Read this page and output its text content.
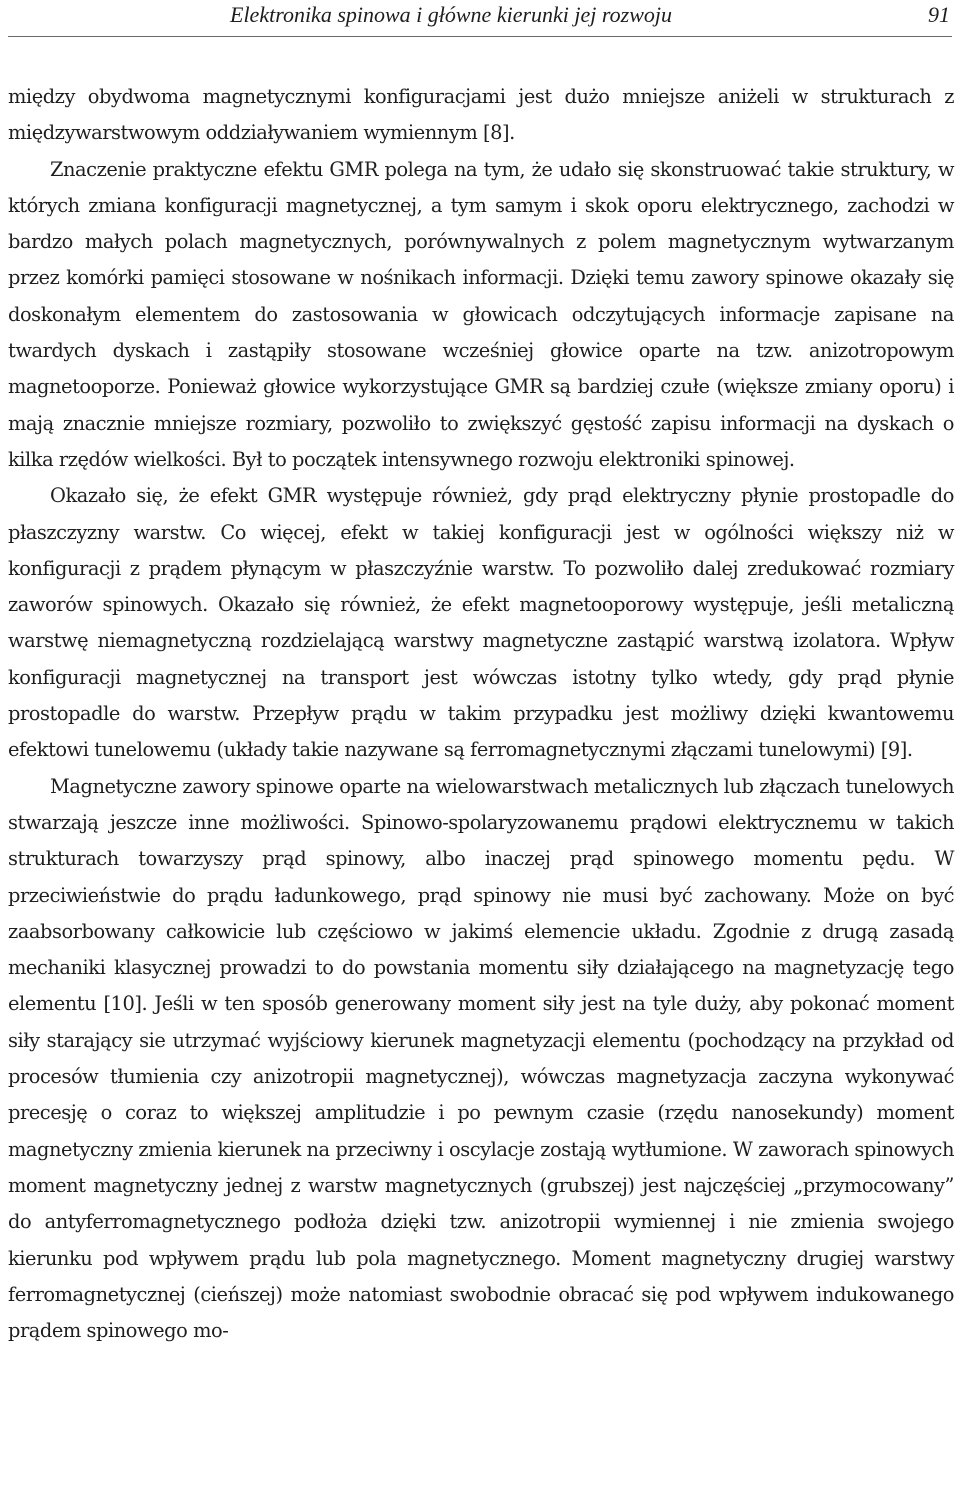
Elektronika spinowa i główne kierunki jej rozwoju	91

między obydwoma magnetycznymi konfiguracjami jest dużo mniejsze aniżeli w strukturach z międzywarstwowym oddziaływaniem wymiennym [8].

Znaczenie praktyczne efektu GMR polega na tym, że udało się skonstruować takie struktury, w których zmiana konfiguracji magnetycznej, a tym samym i skok oporu elektrycznego, zachodzi w bardzo małych polach magnetycznych, porównywalnych z polem magnetycznym wytwarzanym przez komórki pamięci stosowane w nośnikach informacji. Dzięki temu zawory spinowe okazały się doskonałym elementem do zastosowania w głowicach odczytujących informacje zapisane na twardych dyskach i zastąpiły stosowane wcześniej głowice oparte na tzw. anizotropowym magnetooporze. Ponieważ głowice wykorzystujące GMR są bardziej czułe (większe zmiany oporu) i mają znacznie mniejsze rozmiary, pozwoliło to zwiększyć gęstość zapisu informacji na dyskach o kilka rzędów wielkości. Był to początek intensywnego rozwoju elektroniki spinowej.

Okazało się, że efekt GMR występuje również, gdy prąd elektryczny płynie prostopadle do płaszczyzny warstw. Co więcej, efekt w takiej konfiguracji jest w ogólności większy niż w konfiguracji z prądem płynącym w płaszczyźnie warstw. To pozwoliło dalej zredukować rozmiary zaworów spinowych. Okazało się również, że efekt magnetooporowy występuje, jeśli metaliczną warstwę niemagnetyczną rozdzielającą warstwy magnetyczne zastąpić warstwą izolatora. Wpływ konfiguracji magnetycznej na transport jest wówczas istotny tylko wtedy, gdy prąd płynie prostopadle do warstw. Przepływ prądu w takim przypadku jest możliwy dzięki kwantowemu efektowi tunelowemu (układy takie nazywane są ferromagnetycznymi złączami tunelowymi) [9].

Magnetyczne zawory spinowe oparte na wielowarstwach metalicznych lub złączach tunelowych stwarzają jeszcze inne możliwości. Spinowo-spolaryzowanemu prądowi elektrycznemu w takich strukturach towarzyszy prąd spinowy, albo inaczej prąd spinowego momentu pędu. W przeciwieństwie do prądu ładunkowego, prąd spinowy nie musi być zachowany. Może on być zaabsorbowany całkowicie lub częściowo w jakimś elemencie układu. Zgodnie z drugą zasadą mechaniki klasycznej prowadzi to do powstania momentu siły działającego na magnetyzację tego elementu [10]. Jeśli w ten sposób generowany moment siły jest na tyle duży, aby pokonać moment siły starający sie utrzymać wyjściowy kierunek magnetyzacji elementu (pochodzący na przykład od procesów tłumienia czy anizotropii magnetycznej), wówczas magnetyzacja zaczyna wykonywać precesję o coraz to większej amplitudzie i po pewnym czasie (rzędu nanosekundy) moment magnetyczny zmienia kierunek na przeciwny i oscylacje zostają wytłumione. W zaworach spinowych moment magnetyczny jednej z warstw magnetycznych (grubszej) jest najczęściej „przymocowany” do antyferromagnetycznego podłoża dzięki tzw. anizotropii wymiennej i nie zmienia swojego kierunku pod wpływem prądu lub pola magnetycznego. Moment magnetyczny drugiej warstwy ferromagnetycznej (cieńszej) może natomiast swobodnie obracać się pod wpływem indukowanego prądem spinowego mo-
